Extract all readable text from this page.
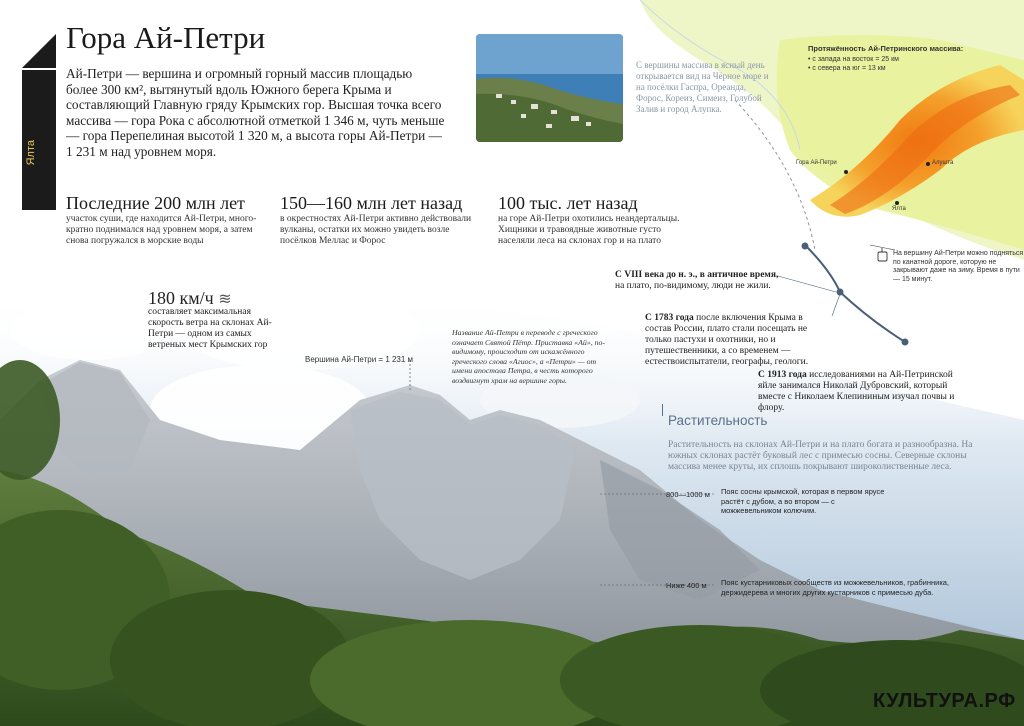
Ялта
Гора Ай-Петри
Ай-Петри — вершина и огромный горный массив площадью более 300 км², вытянутый вдоль Южного берега Крыма и составляющий Главную гряду Крымских гор. Высшая точка всего массива — гора Рока с абсолютной отметкой 1 346 м, чуть меньше — гора Перепелиная высотой 1 320 м, а высота горы Ай-Петри — 1 231 м над уровнем моря.
Последние 200 млн лет
участок суши, где находится Ай-Петри, много-кратно поднимался над уровнем моря, а затем снова погружался в морские воды
150—160 млн лет назад
в окрестностях Ай-Петри активно действовали вулканы, остатки их можно увидеть возле посёлков Меллас и Форос
100 тыс. лет назад
на горе Ай-Петри охотились неандертальцы. Хищники и травоядные животные густо населяли леса на склонах гор и на плато
С вершины массива в ясный день открывается вид на Чёрное море и на посёлки Гаспра, Ореанда, Форос, Кореиз, Симеиз, Голубой Залив и город Алупка.
180 км/ч ≋
составляет максимальная скорость ветра на склонах Ай-Петри — одном из самых ветреных мест Крымских гор
Название Ай-Петри в переводе с греческого означает Святой Пётр. Приставка «Ай», по-видимому, происходит от искажённого греческого слова «Агиос», а «Петри» — от имени апостола Петра, в честь которого воздвигнут храм на вершине горы.
Вершина Ай-Петри = 1 231 м
С VIII века до н. э., в античное время, на плато, по-видимому, люди не жили.
С 1783 года после включения Крыма в состав России, плато стали посещать не только пастухи и охотники, но и путешественники, а со временем — естествоиспытатели, географы, геологи.
С 1913 года исследованиями на Ай-Петринской яйле занимался Николай Дубровский, который вместе с Николаем Клепининым изучал почвы и флору.
Растительность
Растительность на склонах Ай-Петри и на плато богата и разнообразна. На южных склонах растёт буковый лес с примесью сосны. Северные склоны массива менее круты, их сплошь покрывают широколиственные леса.
800—1000 м Пояс сосны крымской, которая в первом ярусе растёт с дубом, а во втором — с можжевельником колючим.
Ниже 400 м Пояс кустарниковых сообществ из можжевельников, грабинника, держидерева и многих других кустарников с примесью дуба.
Протяжённость Ай-Петринского массива:
• с запада на восток = 25 км
• с севера на юг = 13 км
Гора Ай-Петри	Алушта
Ялта
На вершину Ай-Петри можно подняться по канатной дороге, которую не закрывают даже на зиму. Время в пути — 15 минут.
КУЛЬТУРА.РФ
